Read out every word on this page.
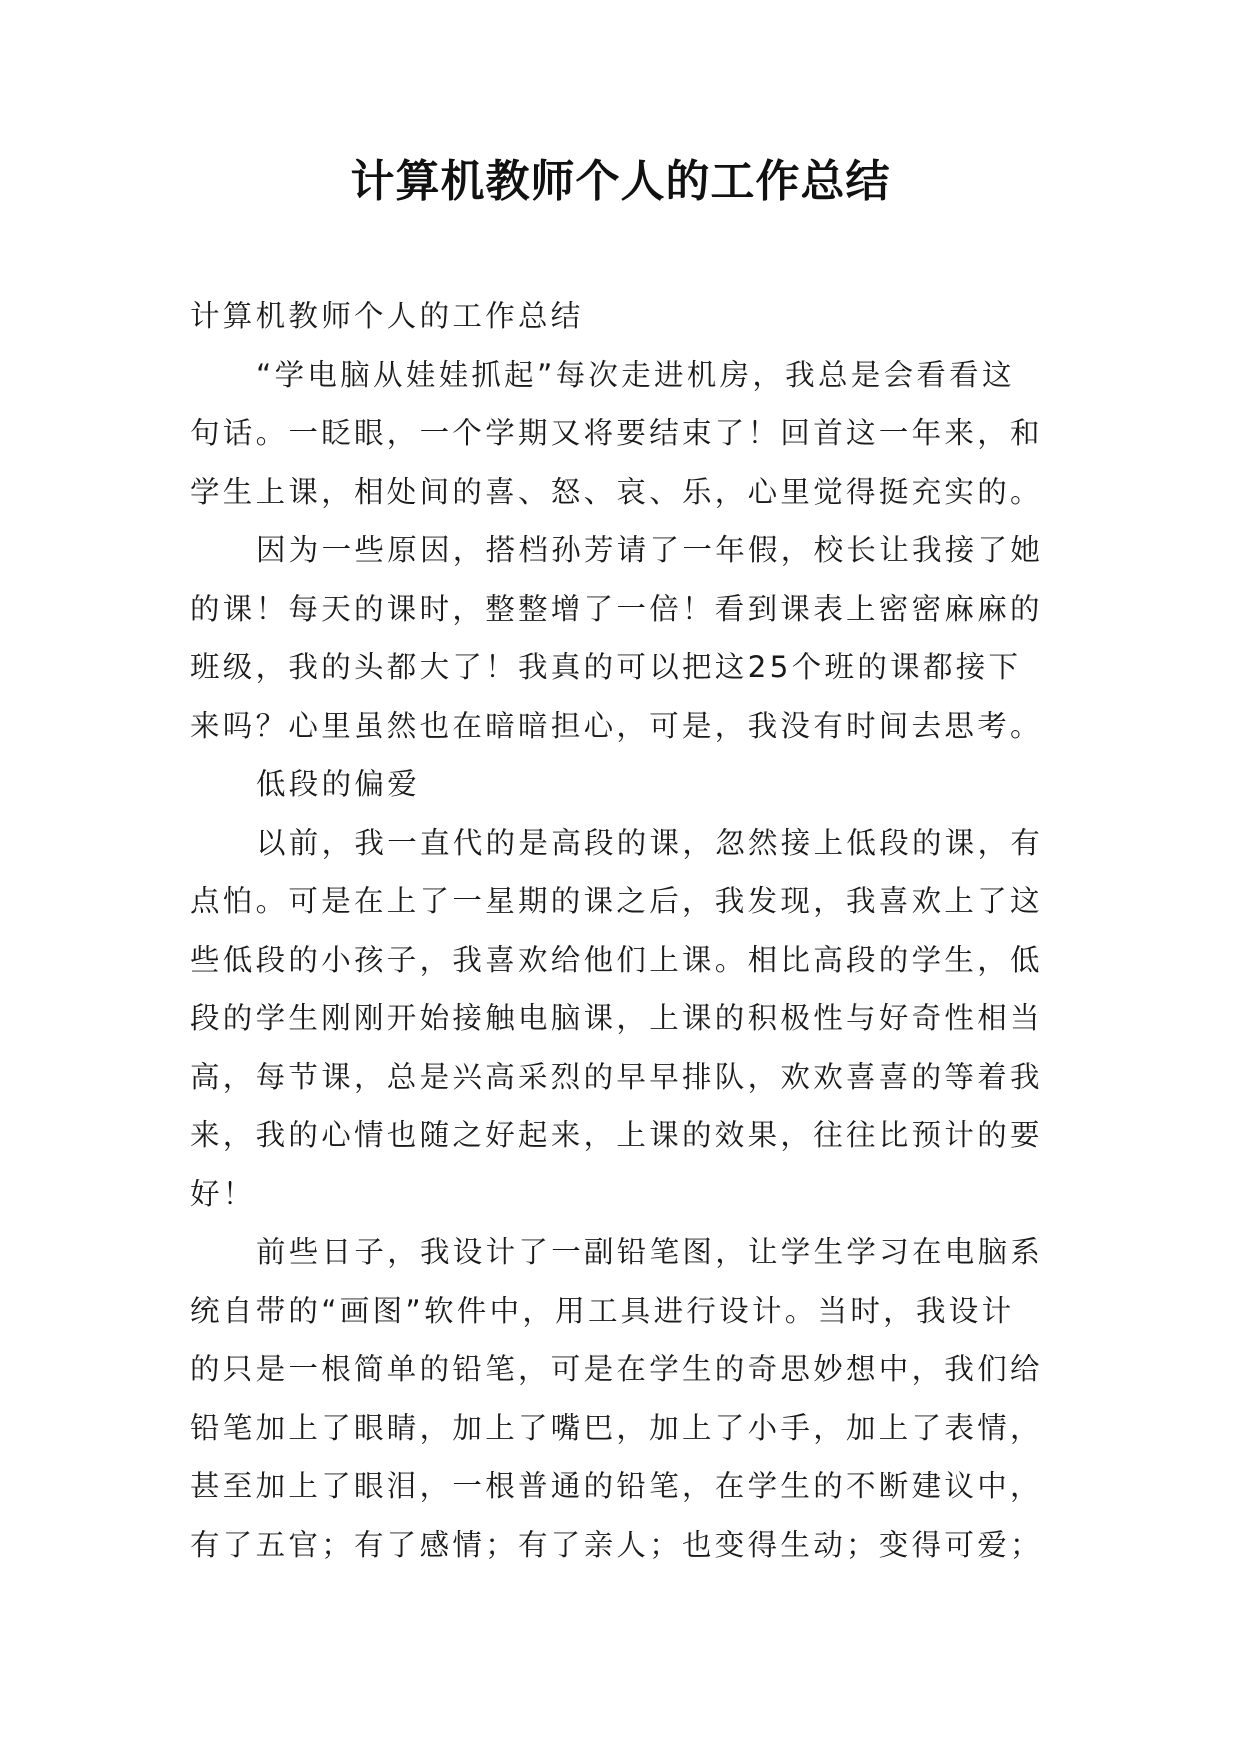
计算机教师个人的工作总结

计算机教师个人的工作总结

“学电脑从娃娃抓起”每次走进机房，我总是会看看这
句话。一眨眼，一个学期又将要结束了！回首这一年来，和
学生上课，相处间的喜、怒、哀、乐，心里觉得挺充实的。

因为一些原因，搭档孙芳请了一年假，校长让我接了她
的课！每天的课时，整整增了一倍！看到课表上密密麻麻的
班级，我的头都大了！我真的可以把这25个班的课都接下
来吗？心里虽然也在暗暗担心，可是，我没有时间去思考。

低段的偏爱

以前，我一直代的是高段的课，忽然接上低段的课，有
点怕。可是在上了一星期的课之后，我发现，我喜欢上了这
些低段的小孩子，我喜欢给他们上课。相比高段的学生，低
段的学生刚刚开始接触电脑课，上课的积极性与好奇性相当
高，每节课，总是兴高采烈的早早排队，欢欢喜喜的等着我
来，我的心情也随之好起来，上课的效果，往往比预计的要
好！

前些日子，我设计了一副铅笔图，让学生学习在电脑系
统自带的“画图”软件中，用工具进行设计。当时，我设计
的只是一根简单的铅笔，可是在学生的奇思妙想中，我们给
铅笔加上了眼睛，加上了嘴巴，加上了小手，加上了表情，
甚至加上了眼泪，一根普通的铅笔，在学生的不断建议中，
有了五官；有了感情；有了亲人；也变得生动；变得可爱；
